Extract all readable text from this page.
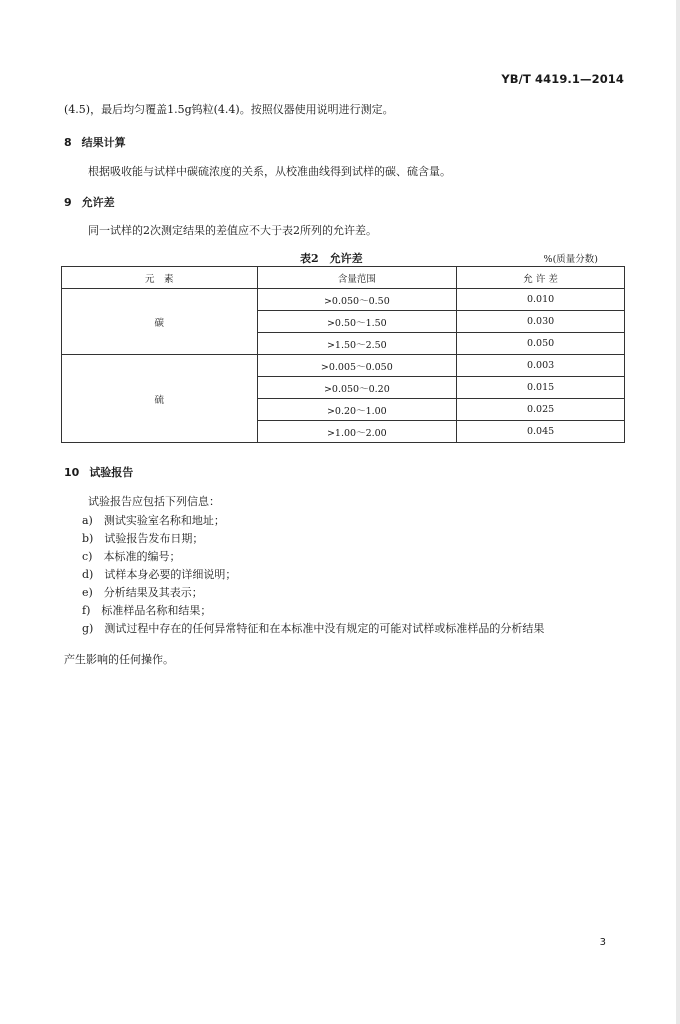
YB/T 4419.1—2014
(4.5)，最后均匀覆盖1.5g钨粒(4.4)。按照仪器使用说明进行测定。
8 结果计算
根据吸收能与试样中碳硫浓度的关系，从校准曲线得到试样的碳、硫含量。
9 允许差
同一试样的2次测定结果的差值应不大于表2所列的允许差。
表2　允许差	%(质量分数)
元　素	含量范围	允 许 差
碳	>0.050～0.50	0.010
	>0.50～1.50	0.030
	>1.50～2.50	0.050
硫	>0.005～0.050	0.003
	>0.050～0.20	0.015
	>0.20～1.00	0.025
	>1.00～2.00	0.045
10 试验报告
试验报告应包括下列信息：
a)　测试实验室名称和地址；
b)　试验报告发布日期；
c)　本标准的编号；
d)　试样本身必要的详细说明；
e)　分析结果及其表示；
f)　标准样品名称和结果；
g)　测试过程中存在的任何异常特征和在本标准中没有规定的可能对试样或标准样品的分析结果
产生影响的任何操作。
3
